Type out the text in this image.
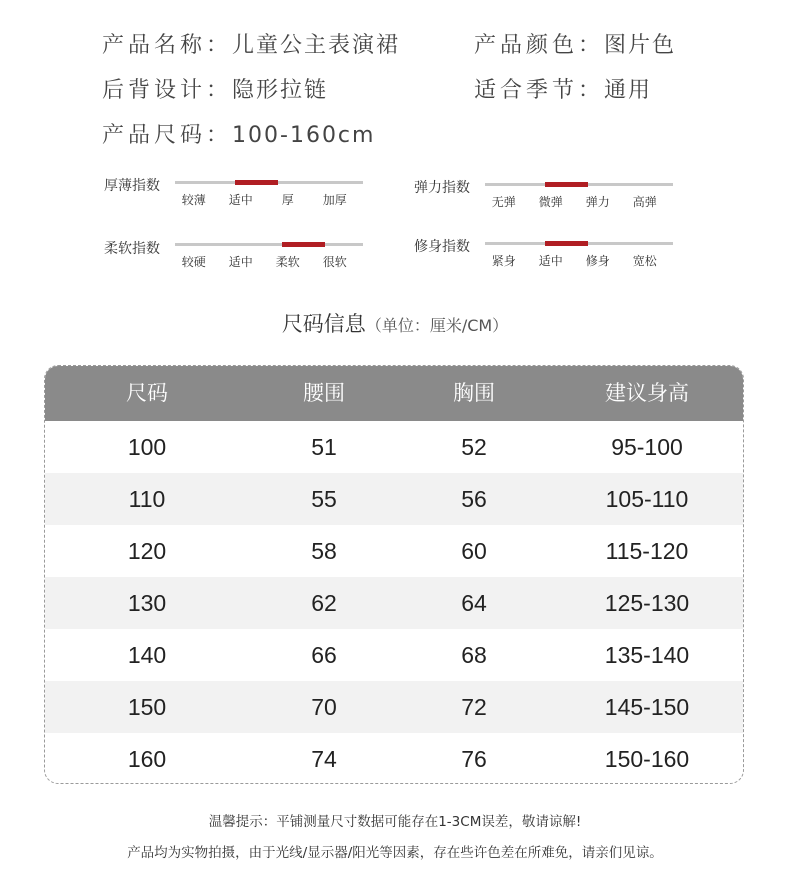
产品名称：儿童公主表演裙	产品颜色：图片色
后背设计：隐形拉链	适合季节：通用
产品尺码：100-160cm
厚薄指数
较薄 适中 厚 加厚
弹力指数
无弹 微弹 弹力 高弹
柔软指数
较硬 适中 柔软 很软
修身指数
紧身 适中 修身 宽松
尺码信息（单位：厘米/CM）
尺码	腰围	胸围	建议身高
100	51	52	95-100
110	55	56	105-110
120	58	60	115-120
130	62	64	125-130
140	66	68	135-140
150	70	72	145-150
160	74	76	150-160
温馨提示：平铺测量尺寸数据可能存在1-3CM误差，敬请谅解!
产品均为实物拍摄，由于光线/显示器/阳光等因素，存在些许色差在所难免，请亲们见谅。
